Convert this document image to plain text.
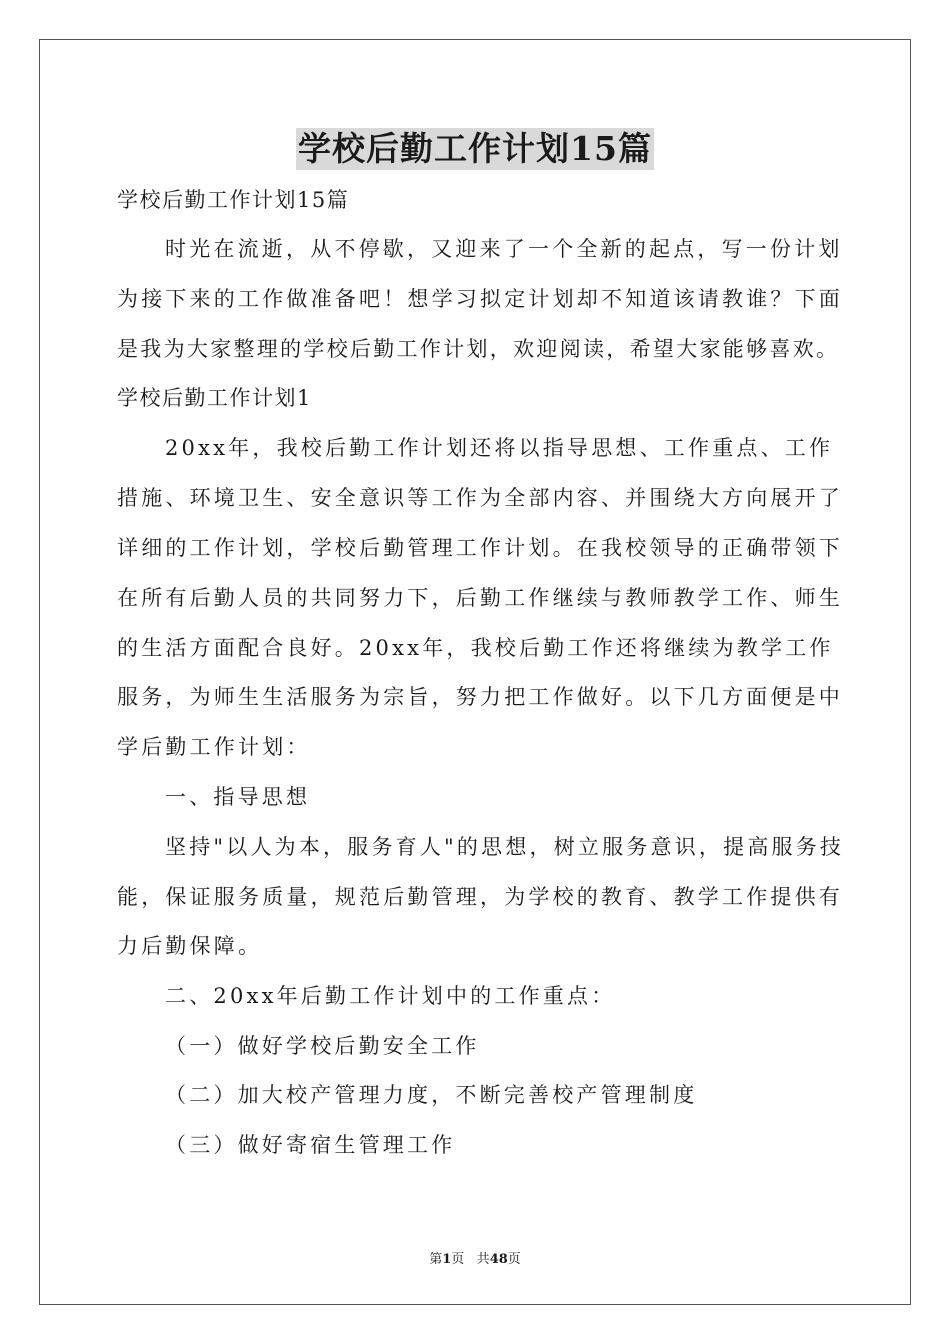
学校后勤工作计划15篇
学校后勤工作计划15篇
时光在流逝，从不停歇，又迎来了一个全新的起点，写一份计划
为接下来的工作做准备吧！想学习拟定计划却不知道该请教谁？下面
是我为大家整理的学校后勤工作计划，欢迎阅读，希望大家能够喜欢。
学校后勤工作计划1
20xx年，我校后勤工作计划还将以指导思想、工作重点、工作
措施、环境卫生、安全意识等工作为全部内容、并围绕大方向展开了
详细的工作计划，学校后勤管理工作计划。在我校领导的正确带领下
在所有后勤人员的共同努力下，后勤工作继续与教师教学工作、师生
的生活方面配合良好。20xx年，我校后勤工作还将继续为教学工作
服务，为师生生活服务为宗旨，努力把工作做好。以下几方面便是中
学后勤工作计划：
一、指导思想
坚持"以人为本，服务育人"的思想，树立服务意识，提高服务技
能，保证服务质量，规范后勤管理，为学校的教育、教学工作提供有
力后勤保障。
二、20xx年后勤工作计划中的工作重点：
（一）做好学校后勤安全工作
（二）加大校产管理力度，不断完善校产管理制度
（三）做好寄宿生管理工作
第1页 共48页
